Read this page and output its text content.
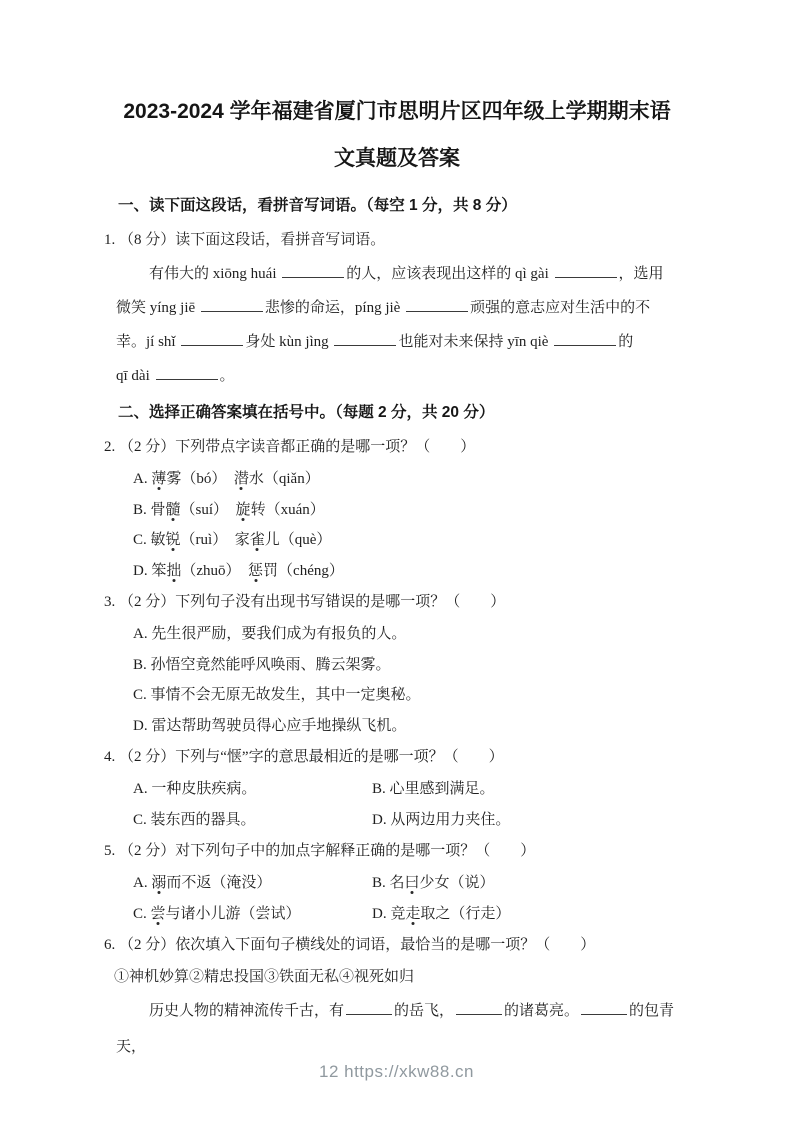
2023-2024 学年福建省厦门市思明片区四年级上学期期末语
文真题及答案
一、读下面这段话，看拼音写词语。（每空 1 分，共 8 分）
1. （8 分）读下面这段话，看拼音写词语。
有伟大的 xiōng huái	的人，应该表现出这样的 qì gài	，选用
微笑 yíng jiē	悲惨的命运，píng jiè	顽强的意志应对生活中的不
幸。jí shǐ	身处 kùn jìng	也能对未来保持 yīn qiè	的
qī dài	。
二、选择正确答案填在括号中。（每题 2 分，共 20 分）
2. （2 分）下列带点字读音都正确的是哪一项？（　　）
A. 薄雾（bó）　潜水（qiǎn）
B. 骨髓（suí）　旋转（xuán）
C. 敏锐（ruì）　家雀儿（què）
D. 笨拙（zhuō）　惩罚（chéng）
3. （2 分）下列句子没有出现书写错误的是哪一项？（　　）
A. 先生很严励，要我们成为有报负的人。
B. 孙悟空竟然能呼风唤雨、腾云架雾。
C. 事情不会无原无故发生，其中一定奥秘。
D. 雷达帮助驾驶员得心应手地操纵飞机。
4. （2 分）下列与“惬”字的意思最相近的是哪一项？（　　）
A. 一种皮肤疾病。	B. 心里感到满足。
C. 装东西的器具。	D. 从两边用力夹住。
5. （2 分）对下列句子中的加点字解释正确的是哪一项？（　　）
A. 溺而不返（淹没）	B. 名曰少女（说）
C. 尝与诸小儿游（尝试）	D. 竞走取之（行走）
6. （2 分）依次填入下面句子横线处的词语，最恰当的是哪一项？（　　）
①神机妙算②精忠投国③铁面无私④视死如归
历史人物的精神流传千古，有	的岳飞，	的诸葛亮。	的包青天，
12 https://xkw88.cn
